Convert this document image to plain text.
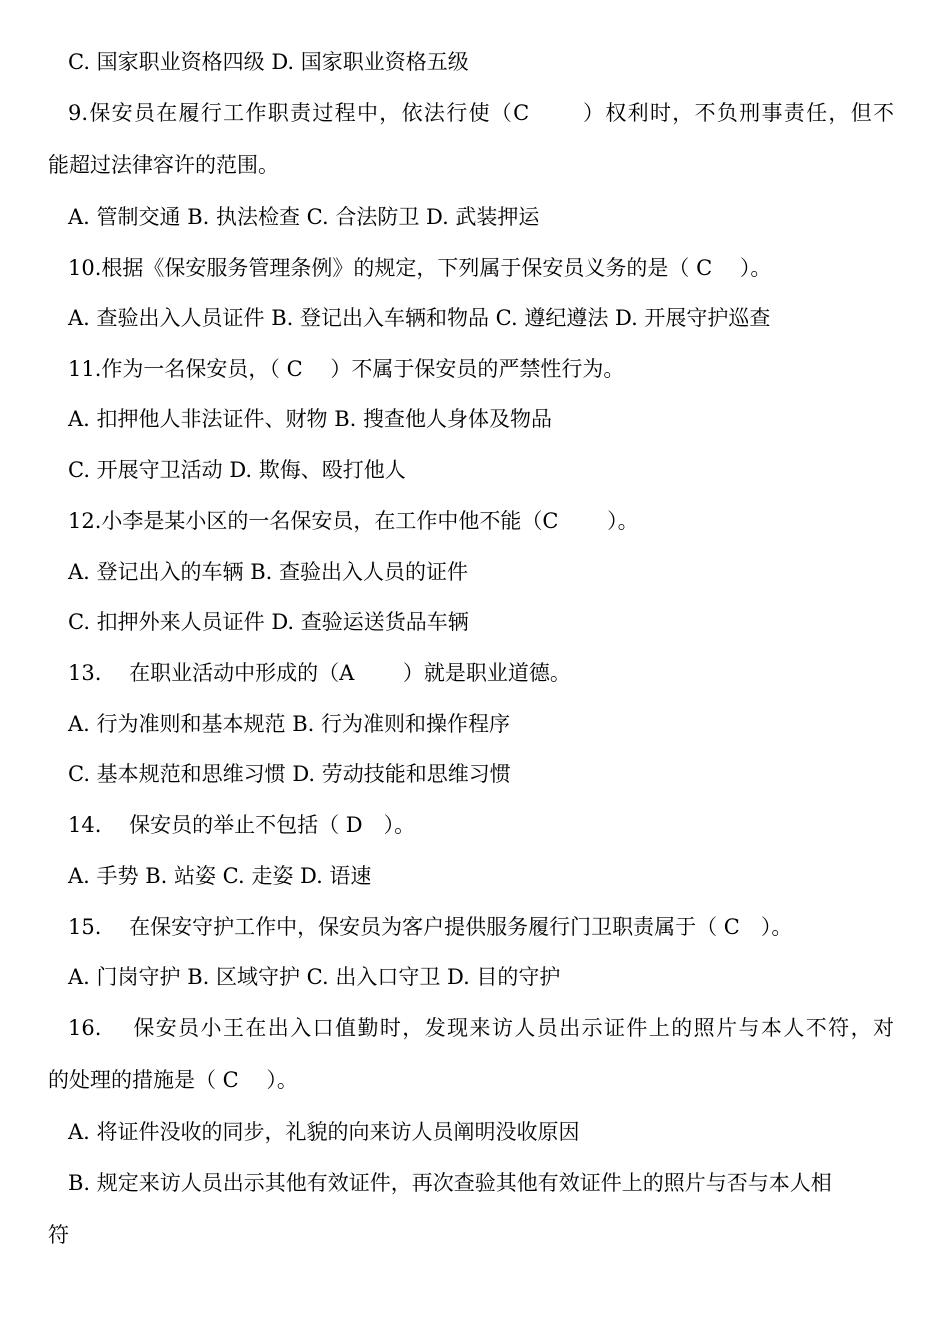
C. 国家职业资格四级 D. 国家职业资格五级
9.保安员在履行工作职责过程中，依法行使（C　　 ）权利时，不负刑事责任，但不
能超过法律容许的范围。
A. 管制交通 B. 执法检查 C. 合法防卫 D. 武装押运
10.根据《保安服务管理条例》的规定，下列属于保安员义务的是（ C　 ）。
A. 查验出入人员证件 B. 登记出入车辆和物品 C. 遵纪遵法 D. 开展守护巡查
11.作为一名保安员，（ C　 ）不属于保安员的严禁性行为。
A. 扣押他人非法证件、财物 B. 搜查他人身体及物品
C. 开展守卫活动 D. 欺侮、殴打他人
12.小李是某小区的一名保安员，在工作中他不能（C　　 ）。
A. 登记出入的车辆 B. 查验出入人员的证件
C. 扣押外来人员证件 D. 查验运送货品车辆
13.　 在职业活动中形成的（A　　 ）就是职业道德。
A. 行为准则和基本规范 B. 行为准则和操作程序
C. 基本规范和思维习惯 D. 劳动技能和思维习惯
14.　 保安员的举止不包括（ D　）。
A. 手势 B. 站姿 C. 走姿 D. 语速
15.　 在保安守护工作中，保安员为客户提供服务履行门卫职责属于（ C　）。
A. 门岗守护 B. 区域守护 C. 出入口守卫 D. 目的守护
16.　 保安员小王在出入口值勤时，发现来访人员出示证件上的照片与本人不符，对
的处理的措施是（ C　 ）。
A. 将证件没收的同步，礼貌的向来访人员阐明没收原因
B. 规定来访人员出示其他有效证件，再次查验其他有效证件上的照片与否与本人相
符
